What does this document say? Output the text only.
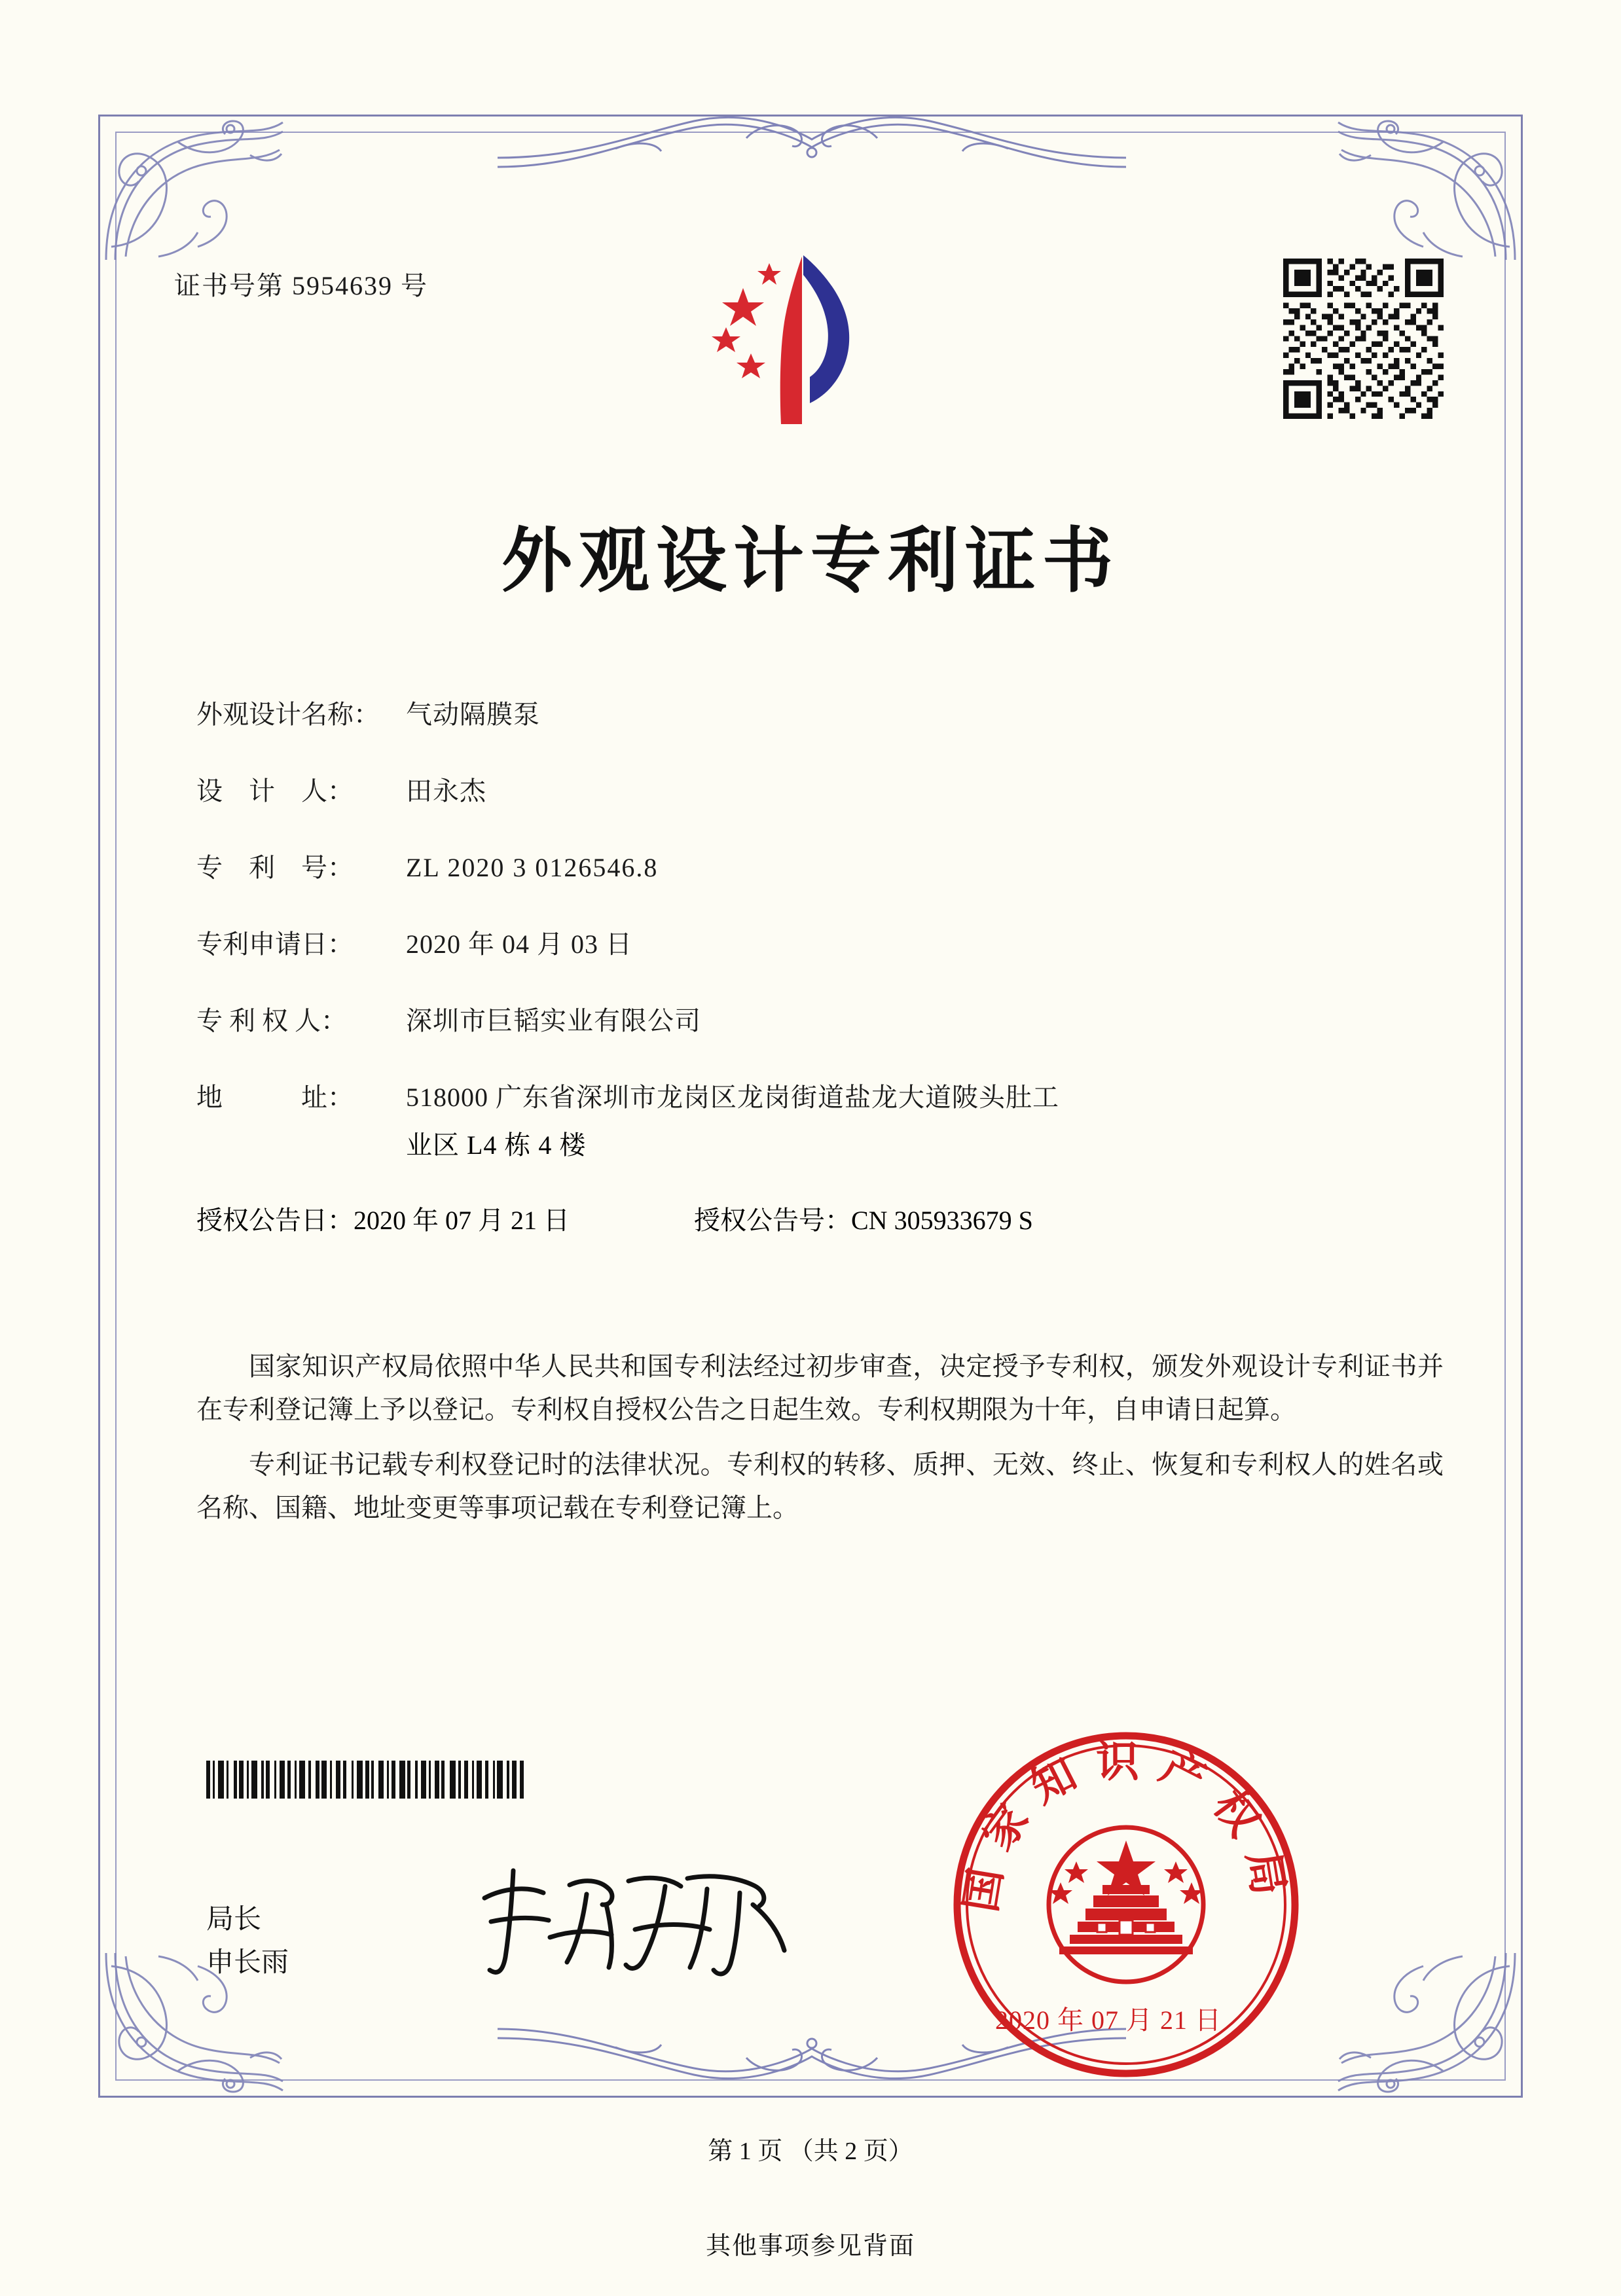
证书号第 5954639 号
外观设计专利证书
外观设计名称：	气动隔膜泵
设　计　人：	田永杰
专　利　号：	ZL 2020 3 0126546.8
专利申请日：	2020 年 04 月 03 日
专 利 权 人：	深圳市巨韬实业有限公司
地　　　址：	518000 广东省深圳市龙岗区龙岗街道盐龙大道陂头肚工
业区 L4 栋 4 楼
授权公告日：2020 年 07 月 21 日	授权公告号：CN 305933679 S
国家知识产权局依照中华人民共和国专利法经过初步审查，决定授予专利权，颁发外观设计专利证书并在专利登记簿上予以登记。专利权自授权公告之日起生效。专利权期限为十年，自申请日起算。
专利证书记载专利权登记时的法律状况。专利权的转移、质押、无效、终止、恢复和专利权人的姓名或名称、国籍、地址变更等事项记载在专利登记簿上。
局长
申长雨
国家知识产权局
2020 年 07 月 21 日
第 1 页 （共 2 页）
其他事项参见背面
